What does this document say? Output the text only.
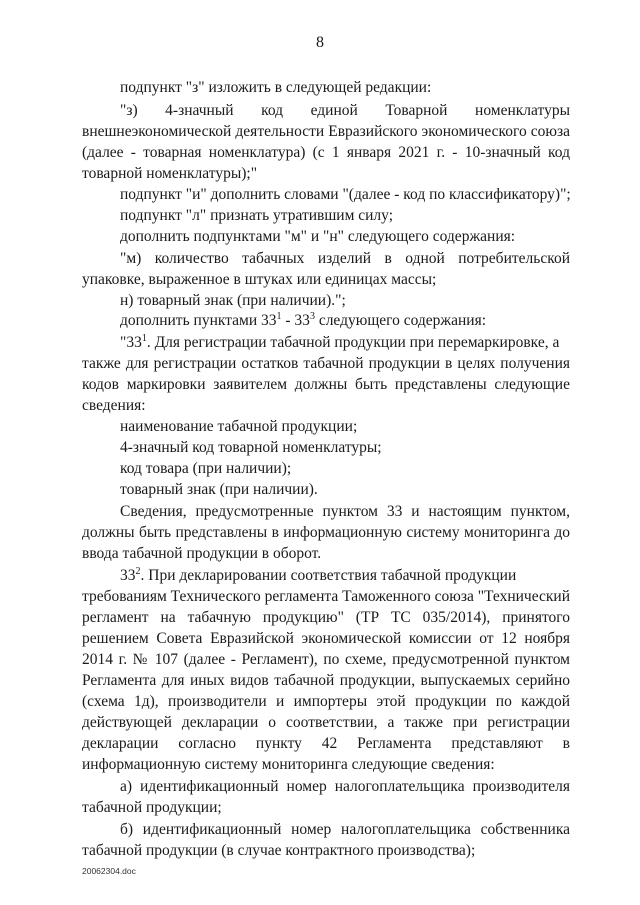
8
подпункт "з" изложить в следующей редакции:
"з) 4-значный код единой Товарной номенклатуры
внешнеэкономической деятельности Евразийского экономического союза
(далее - товарная номенклатура) (с 1 января 2021 г. - 10-значный код
товарной номенклатуры);"
подпункт "и" дополнить словами "(далее - код по классификатору)";
подпункт "л" признать утратившим силу;
дополнить подпунктами "м" и "н" следующего содержания:
"м) количество табачных изделий в одной потребительской
упаковке, выраженное в штуках или единицах массы;
н) товарный знак (при наличии).";
дополнить пунктами $33^1 - 33^3$ следующего содержания:
"$33^1$. Для регистрации табачной продукции при перемаркировке, а
также для регистрации остатков табачной продукции в целях получения
кодов маркировки заявителем должны быть представлены следующие
сведения:
наименование табачной продукции;
4-значный код товарной номенклатуры;
код товара (при наличии);
товарный знак (при наличии).
Сведения, предусмотренные пунктом 33 и настоящим пунктом,
должны быть представлены в информационную систему мониторинга до
ввода табачной продукции в оборот.
$33^2$. При декларировании соответствия табачной продукции
требованиям Технического регламента Таможенного союза "Технический
регламент на табачную продукцию" (ТР ТС 035/2014), принятого
решением Совета Евразийской экономической комиссии от 12 ноября
2014 г. № 107 (далее - Регламент), по схеме, предусмотренной пунктом
Регламента для иных видов табачной продукции, выпускаемых серийно
(схема 1д), производители и импортеры этой продукции по каждой
действующей декларации о соответствии, а также при регистрации
декларации согласно пункту 42 Регламента представляют в
информационную систему мониторинга следующие сведения:
а) идентификационный номер налогоплательщика производителя
табачной продукции;
б) идентификационный номер налогоплательщика собственника
табачной продукции (в случае контрактного производства);
20062304.doc
